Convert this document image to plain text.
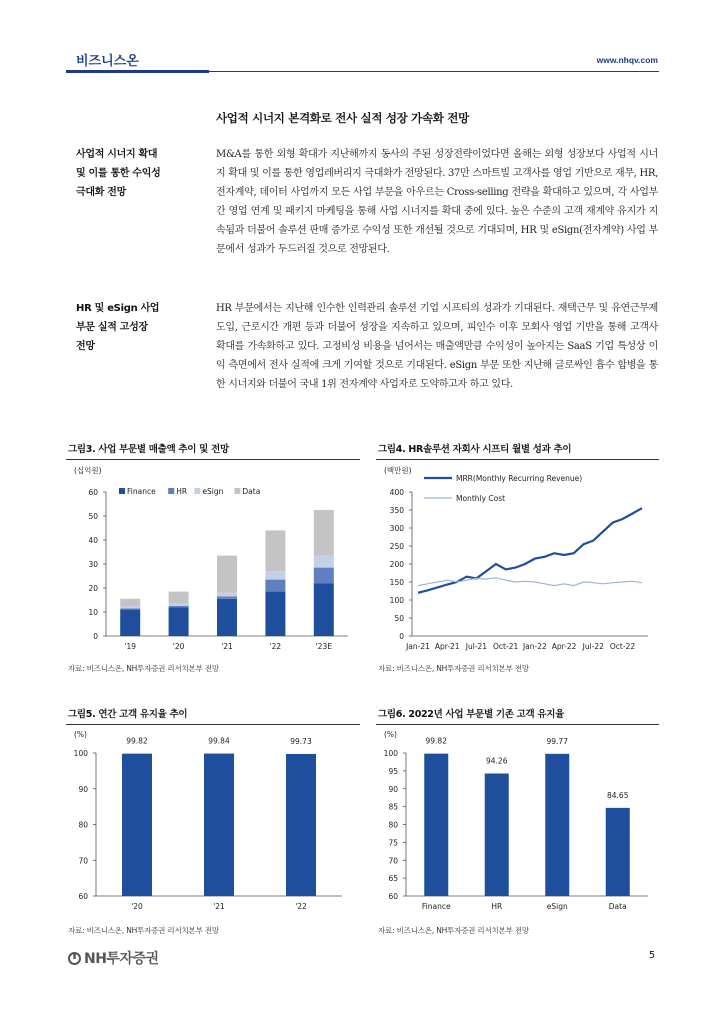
비즈니스온	www.nhqv.com
사업적 시너지 본격화로 전사 실적 성장 가속화 전망
사업적 시너지 확대
및 이를 통한 수익성
극대화 전망
M&A를 통한 외형 확대가 지난해까지 동사의 주된 성장전략이었다면 올해는 외형 성장보다 사업적 시너지 확대 및 이를 통한 영업레버리지 극대화가 전망된다. 37만 스마트빌 고객사를 영업 기반으로 재무, HR, 전자계약, 데이터 사업까지 모든 사업 부문을 아우르는 Cross-selling 전략을 확대하고 있으며, 각 사업부간 영업 연계 및 패키지 마케팅을 통해 사업 시너지를 확대 중에 있다. 높은 수준의 고객 재계약 유지가 지속됨과 더불어 솔루션 판매 증가로 수익성 또한 개선될 것으로 기대되며, HR 및 eSign(전자계약) 사업 부문에서 성과가 두드러질 것으로 전망된다.
HR 및 eSign 사업
부문 실적 고성장
전망
HR 부문에서는 지난해 인수한 인력관리 솔루션 기업 시프티의 성과가 기대된다. 재택근무 및 유연근무제 도입, 근로시간 개편 등과 더불어 성장을 지속하고 있으며, 피인수 이후 모회사 영업 기반을 통해 고객사 확대를 가속화하고 있다. 고정비성 비용을 넘어서는 매출액만큼 수익성이 높아지는 SaaS 기업 특성상 이익 측면에서 전사 실적에 크게 기여할 것으로 기대된다. eSign 부문 또한 지난해 글로싸인 흡수 합병을 통한 시너지와 더불어 국내 1위 전자계약 사업자로 도약하고자 하고 있다.
그림3. 사업 부문별 매출액 추이 및 전망
0
10
20
30
40
50
60
(십억원)
'19	'20	'21	'22	'23E
Finance	HR eSign	Data
자료: 비즈니스온, NH투자증권 리서치본부 전망
그림4. HR솔루션 자회사 시프티 월별 성과 추이
0
50
100
150
200
250
300
350
400
(백만원)
MRR(Monthly Recurring Revenue)
Monthly Cost
Jan-21 Apr-21 Jul-21 Oct-21 Jan-22 Apr-22 Jul-22 Oct-22
자료: 비즈니스온, NH투자증권 리서치본부 전망
그림5. 연간 고객 유지율 추이
60
70
80
90
100
(%)
99.82
'20
99.84
'21
99.73
'22
자료: 비즈니스온, NH투자증권 리서치본부 전망
그림6. 2022년 사업 부문별 기존 고객 유지율
60
65
70
75
80
85
90
95
100
(%)
99.82
Finance
94.26
HR
99.77
eSign
84.65
Data
자료: 비즈니스온, NH투자증권 리서치본부 전망
NH투자증권	5
